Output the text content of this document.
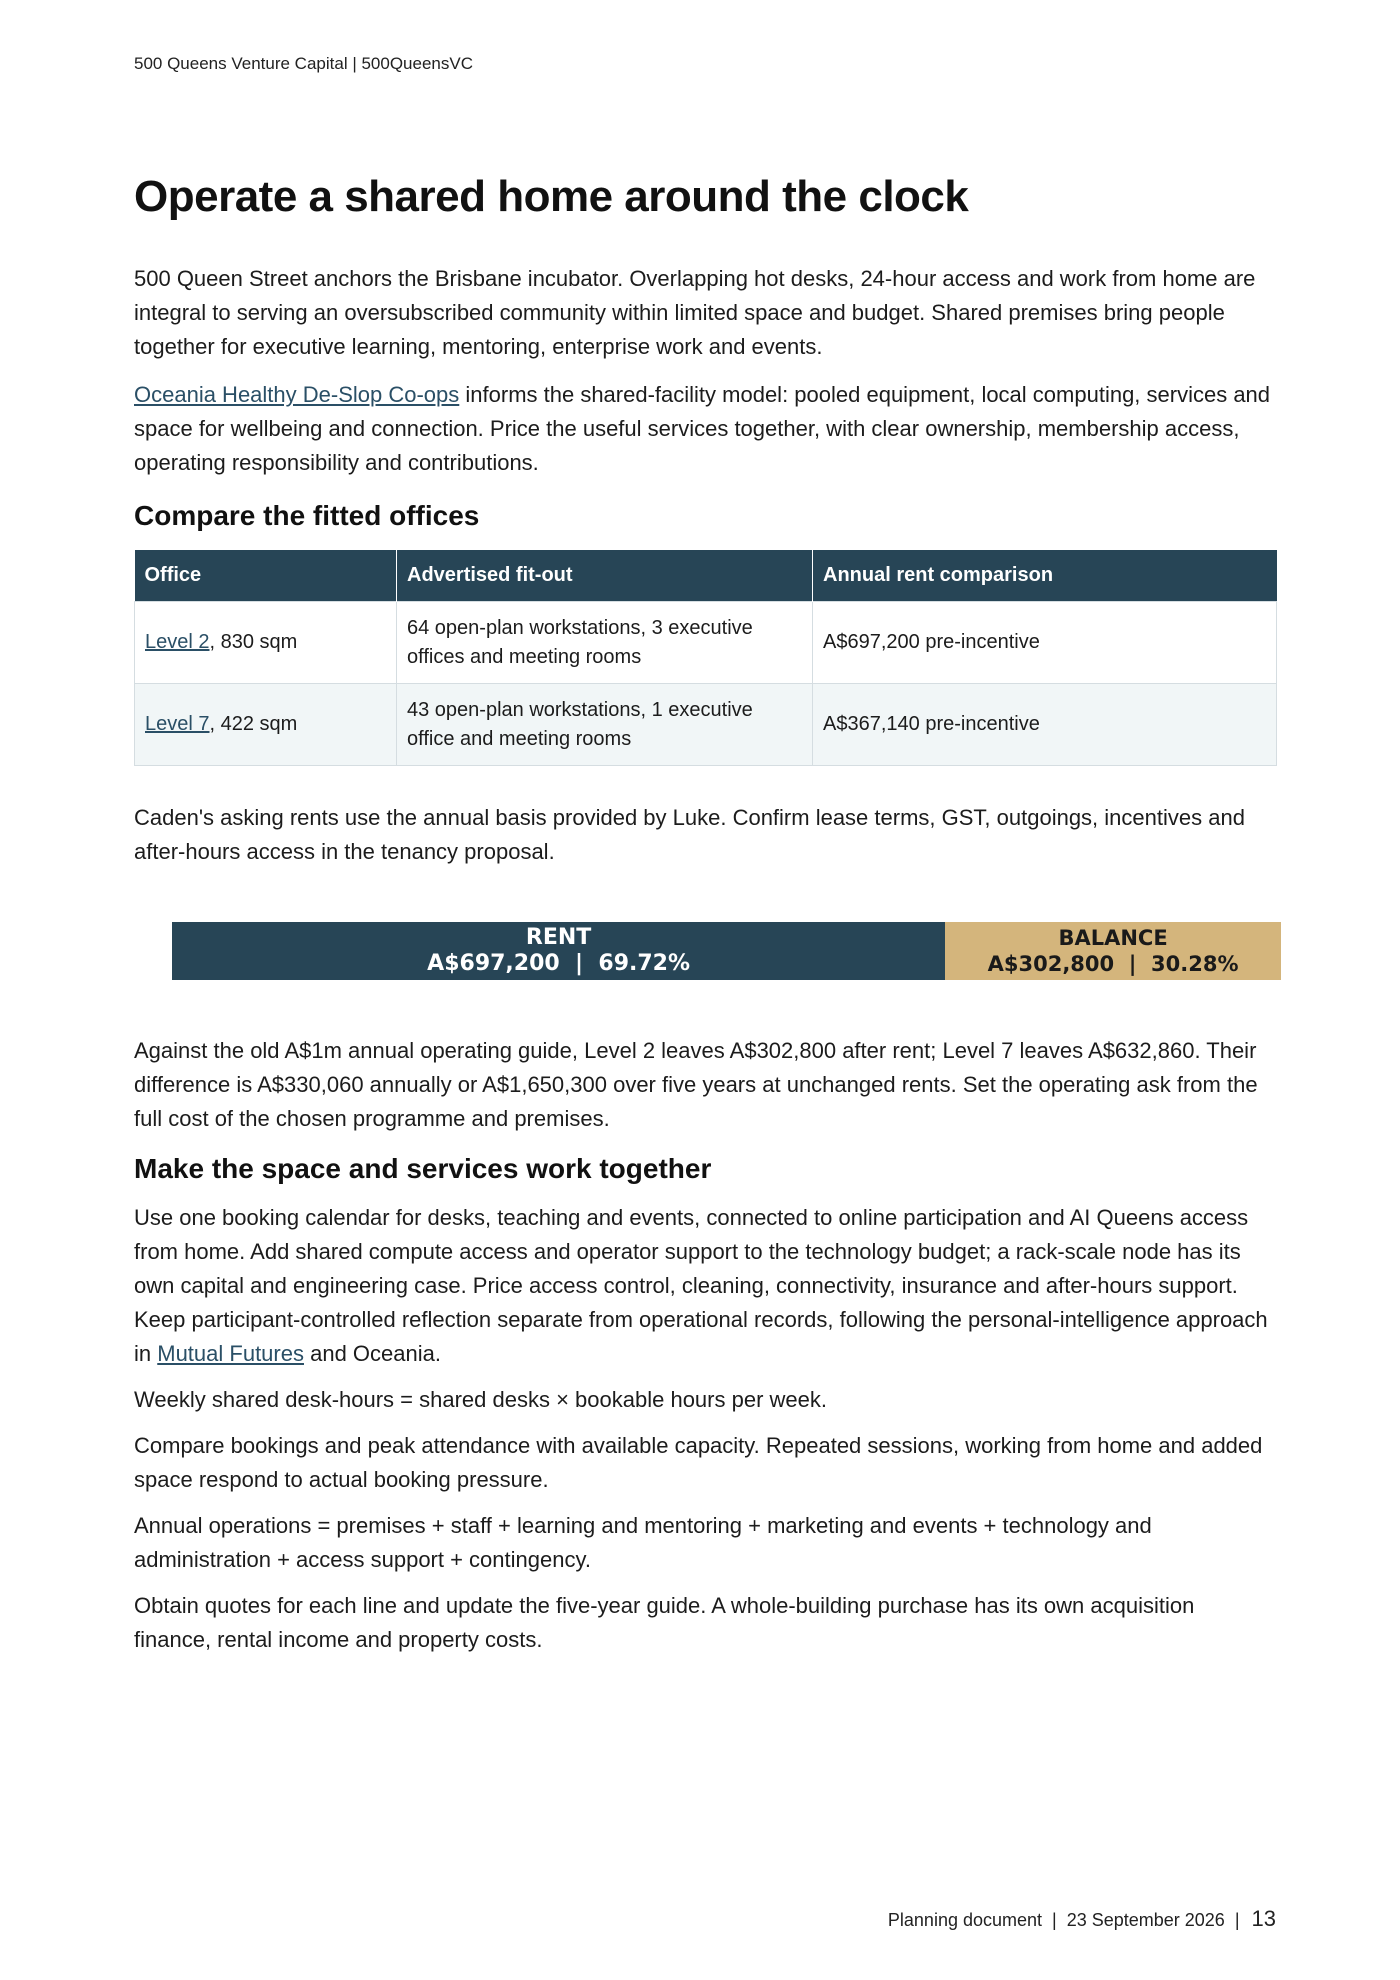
500 Queens Venture Capital | 500QueensVC
Operate a shared home around the clock

500 Queen Street anchors the Brisbane incubator. Overlapping hot desks, 24-hour access and work from home are integral to serving an oversubscribed community within limited space and budget. Shared premises bring people together for executive learning, mentoring, enterprise work and events.

Oceania Healthy De-Slop Co-ops informs the shared-facility model: pooled equipment, local computing, services and space for wellbeing and connection. Price the useful services together, with clear ownership, membership access, operating responsibility and contributions.

Compare the fitted offices
Office	Advertised fit-out	Annual rent comparison
Level 2, 830 sqm	64 open-plan workstations, 3 executive offices and meeting rooms	A$697,200 pre-incentive
Level 7, 422 sqm	43 open-plan workstations, 1 executive office and meeting rooms	A$367,140 pre-incentive

Caden's asking rents use the annual basis provided by Luke. Confirm lease terms, GST, outgoings, incentives and after-hours access in the tenancy proposal.

RENT
A$697,200  |  69.72%
BALANCE
A$302,800  |  30.28%

Against the old A$1m annual operating guide, Level 2 leaves A$302,800 after rent; Level 7 leaves A$632,860. Their difference is A$330,060 annually or A$1,650,300 over five years at unchanged rents. Set the operating ask from the full cost of the chosen programme and premises.

Make the space and services work together

Use one booking calendar for desks, teaching and events, connected to online participation and AI Queens access from home. Add shared compute access and operator support to the technology budget; a rack-scale node has its own capital and engineering case. Price access control, cleaning, connectivity, insurance and after-hours support. Keep participant-controlled reflection separate from operational records, following the personal-intelligence approach in Mutual Futures and Oceania.

Weekly shared desk-hours = shared desks × bookable hours per week.

Compare bookings and peak attendance with available capacity. Repeated sessions, working from home and added space respond to actual booking pressure.

Annual operations = premises + staff + learning and mentoring + marketing and events + technology and administration + access support + contingency.

Obtain quotes for each line and update the five-year guide. A whole-building purchase has its own acquisition finance, rental income and property costs.

Planning document  |  23 September 2026  |  13
